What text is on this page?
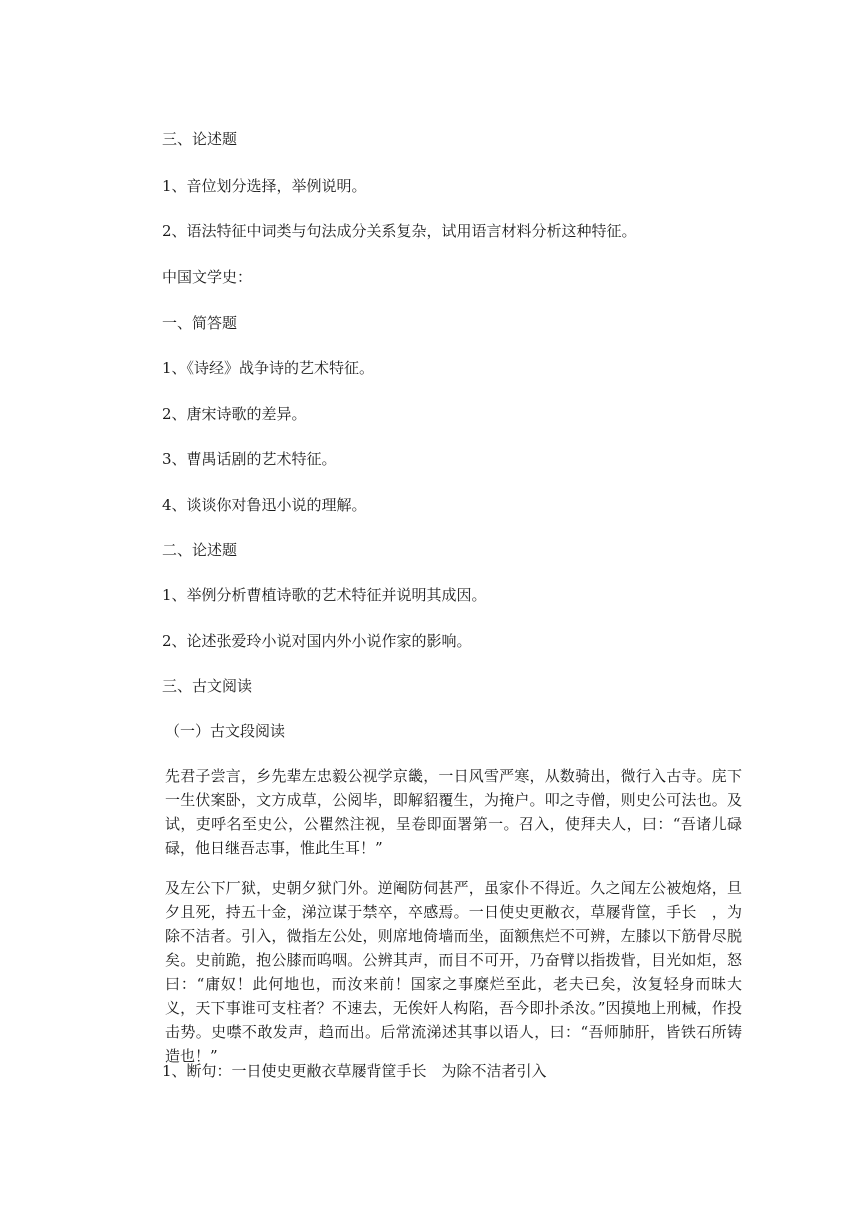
三、论述题
1、音位划分选择，举例说明。
2、语法特征中词类与句法成分关系复杂，试用语言材料分析这种特征。
中国文学史：
一、简答题
1、《诗经》战争诗的艺术特征。
2、唐宋诗歌的差异。
3、曹禺话剧的艺术特征。
4、谈谈你对鲁迅小说的理解。
二、论述题
1、举例分析曹植诗歌的艺术特征并说明其成因。
2、论述张爱玲小说对国内外小说作家的影响。
三、古文阅读
（一）古文段阅读
先君子尝言，乡先辈左忠毅公视学京畿，一日风雪严寒，从数骑出，微行入古寺。庑下一生伏案卧，文方成草，公阅毕，即解貂覆生，为掩户。叩之寺僧，则史公可法也。及试，吏呼名至史公，公瞿然注视，呈卷即面署第一。召入，使拜夫人，曰：“吾诸儿碌碌，他日继吾志事，惟此生耳！”
及左公下厂狱，史朝夕狱门外。逆阉防伺甚严，虽家仆不得近。久之闻左公被炮烙，旦夕且死，持五十金，涕泣谋于禁卒，卒感焉。一日使史更敝衣，草屦背筐，手长　，为除不洁者。引入，微指左公处，则席地倚墙而坐，面额焦烂不可辨，左膝以下筋骨尽脱矣。史前跪，抱公膝而呜咽。公辨其声，而目不可开，乃奋臂以指拨眥，目光如炬，怒曰：“庸奴！此何地也，而汝来前！国家之事糜烂至此，老夫已矣，汝复轻身而昧大义，天下事谁可支柱者？不速去，无俟奸人构陷，吾今即扑杀汝。”因摸地上刑械，作投击势。史噤不敢发声，趋而出。后常流涕述其事以语人，曰：“吾师肺肝，皆铁石所铸造也！”
1、断句：一日使史更敝衣草屦背筐手长　为除不洁者引入
